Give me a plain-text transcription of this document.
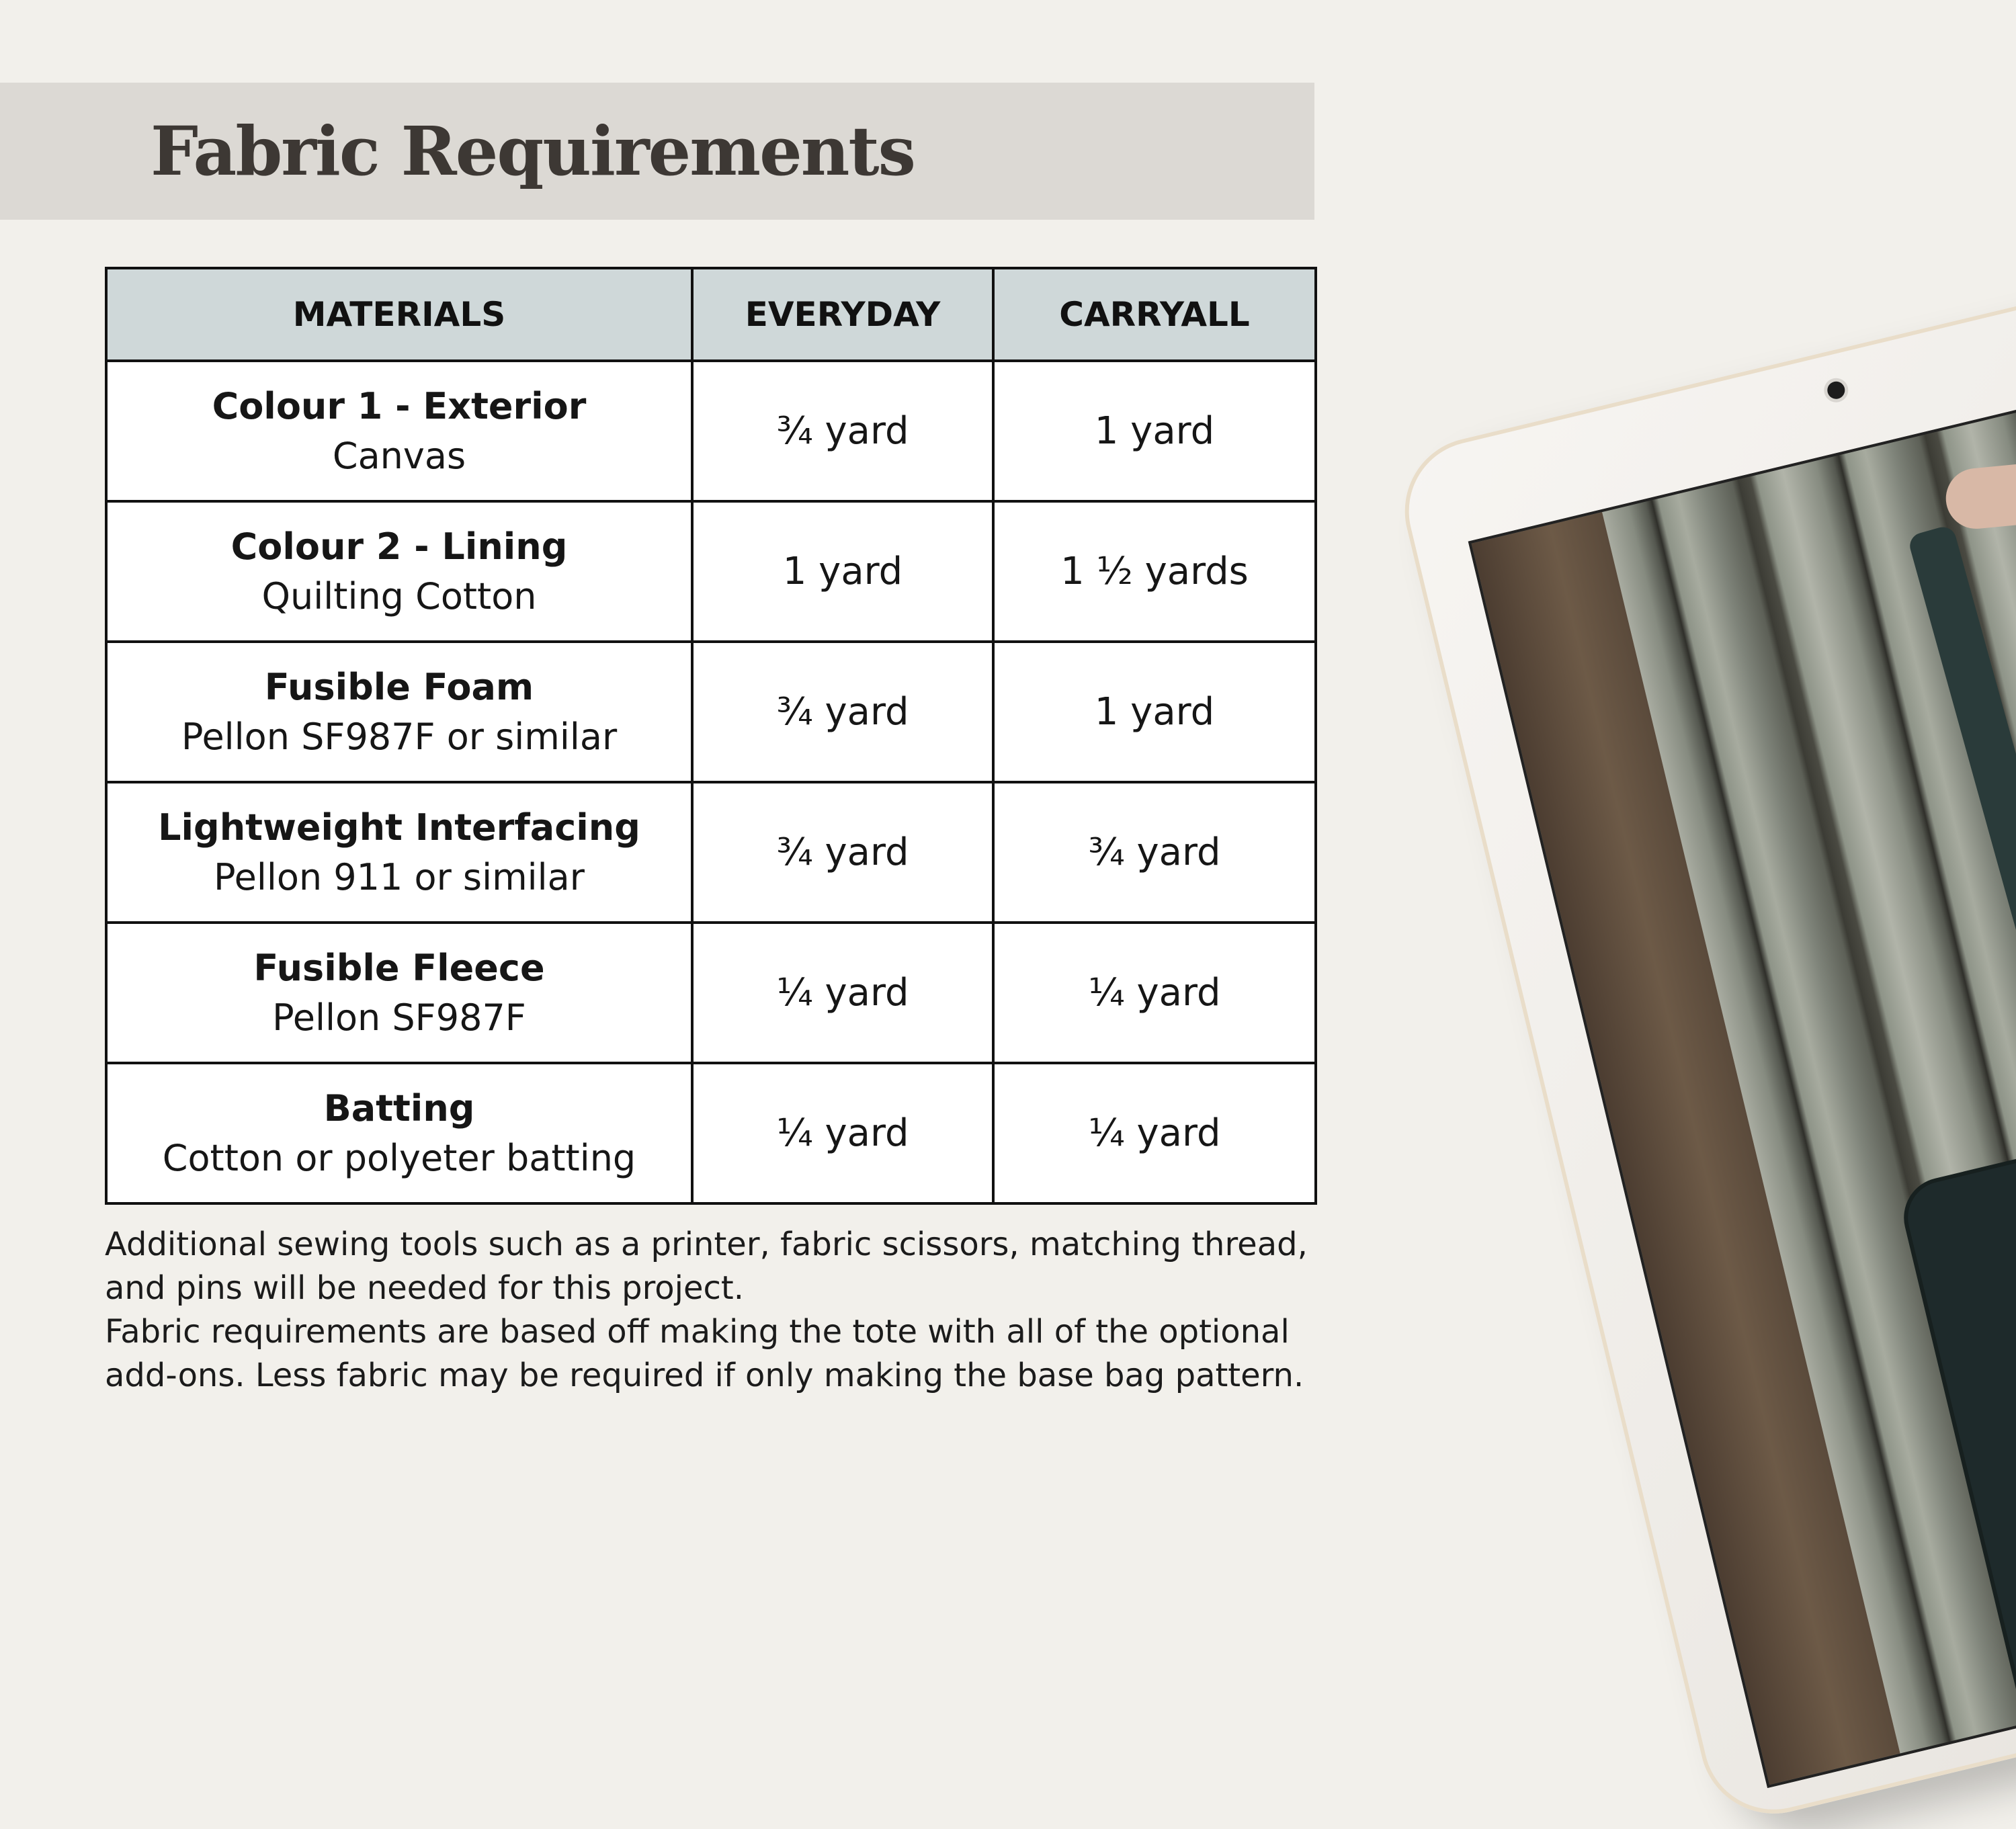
Fabric Requirements
MATERIALS	EVERYDAY	CARRYALL

Colour 1 - Exterior
Canvas	¾ yard	1 yard

Colour 2 - Lining
Quilting Cotton	1 yard	1 ½ yards

Fusible Foam
Pellon SF987F or similar	¾ yard	1 yard

Lightweight Interfacing
Pellon 911 or similar	¾ yard	¾ yard

Fusible Fleece
Pellon SF987F	¼ yard	¼ yard

Batting
Cotton or polyeter batting	¼ yard	¼ yard

Additional sewing tools such as a printer, fabric scissors, matching thread, and pins will be needed for this project.

Fabric requirements are based off making the tote with all of the optional add-ons. Less fabric may be required if only making the base bag pattern.
